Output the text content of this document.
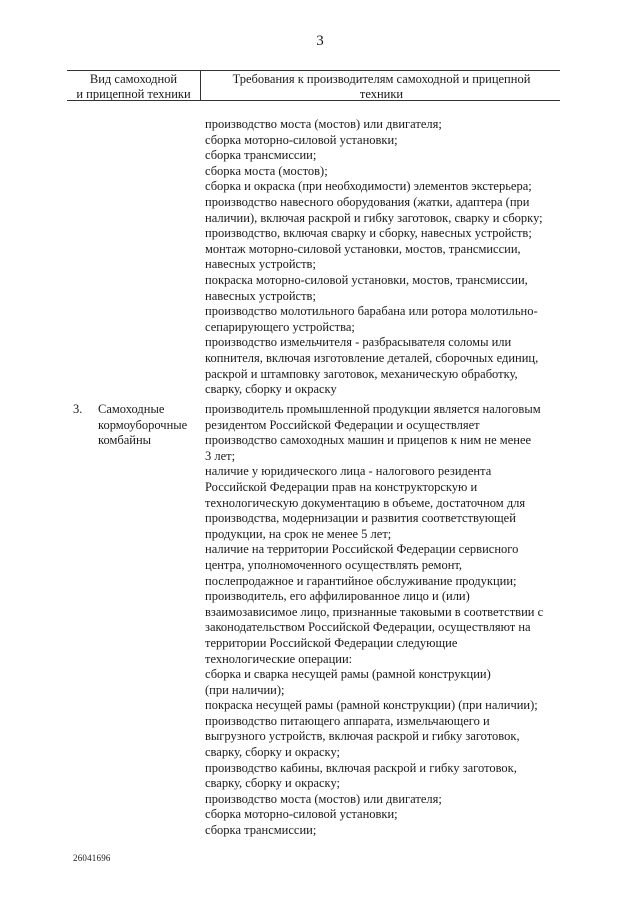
3
Вид самоходной
и прицепной техники
Требования к производителям самоходной и прицепной
техники
производство моста (мостов) или двигателя;
сборка моторно-силовой установки;
сборка трансмиссии;
сборка моста (мостов);
сборка и окраска (при необходимости) элементов экстерьера;
производство навесного оборудования (жатки, адаптера (при
наличии), включая раскрой и гибку заготовок, сварку и сборку;
производство, включая сварку и сборку, навесных устройств;
монтаж моторно-силовой установки, мостов, трансмиссии,
навесных устройств;
покраска моторно-силовой установки, мостов, трансмиссии,
навесных устройств;
производство молотильного барабана или ротора молотильно-
сепарирующего устройства;
производство измельчителя - разбрасывателя соломы или
копнителя, включая изготовление деталей, сборочных единиц,
раскрой и штамповку заготовок, механическую обработку,
сварку, сборку и окраску
3. Самоходные
кормоуборочные
комбайны
производитель промышленной продукции является налоговым
резидентом Российской Федерации и осуществляет
производство самоходных машин и прицепов к ним не менее
3 лет;
наличие у юридического лица - налогового резидента
Российской Федерации прав на конструкторскую и
технологическую документацию в объеме, достаточном для
производства, модернизации и развития соответствующей
продукции, на срок не менее 5 лет;
наличие на территории Российской Федерации сервисного
центра, уполномоченного осуществлять ремонт,
послепродажное и гарантийное обслуживание продукции;
производитель, его аффилированное лицо и (или)
взаимозависимое лицо, признанные таковыми в соответствии с
законодательством Российской Федерации, осуществляют на
территории Российской Федерации следующие
технологические операции:
сборка и сварка несущей рамы (рамной конструкции)
(при наличии);
покраска несущей рамы (рамной конструкции) (при наличии);
производство питающего аппарата, измельчающего и
выгрузного устройств, включая раскрой и гибку заготовок,
сварку, сборку и окраску;
производство кабины, включая раскрой и гибку заготовок,
сварку, сборку и окраску;
производство моста (мостов) или двигателя;
сборка моторно-силовой установки;
сборка трансмиссии;
26041696
